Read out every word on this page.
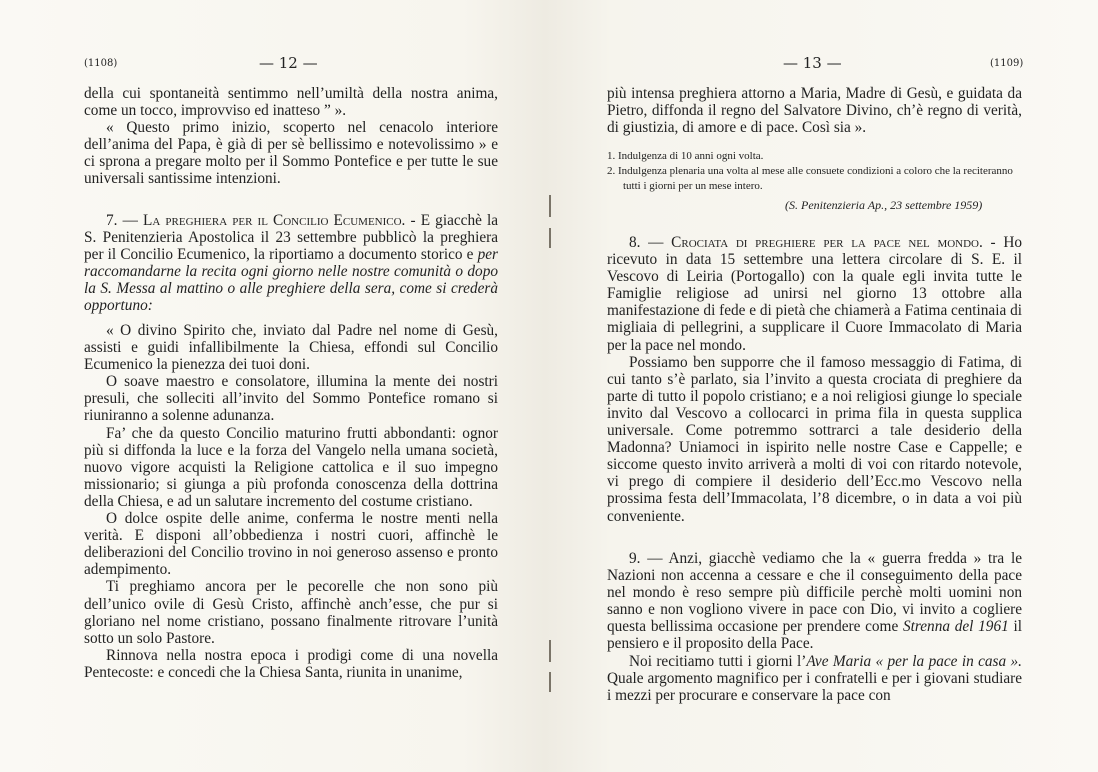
(1108)	— 12 —

della cui spontaneità sentimmo nell’umiltà della nostra anima, come un tocco, improvviso ed inatteso ” ».

« Questo primo inizio, scoperto nel cenacolo interiore dell’anima del Papa, è già di per sè bellissimo e notevolissimo » e ci sprona a pregare molto per il Sommo Pontefice e per tutte le sue universali santissime intenzioni.

7. — La preghiera per il Concilio Ecumenico. - E giacchè la S. Penitenzieria Apostolica il 23 settembre pubblicò la preghiera per il Concilio Ecumenico, la riportiamo a documento storico e per raccomandarne la recita ogni giorno nelle nostre comunità o dopo la S. Messa al mattino o alle preghiere della sera, come si crederà opportuno:

« O divino Spirito che, inviato dal Padre nel nome di Gesù, assisti e guidi infallibilmente la Chiesa, effondi sul Concilio Ecumenico la pienezza dei tuoi doni.

O soave maestro e consolatore, illumina la mente dei nostri presuli, che solleciti all’invito del Sommo Pontefice romano si riuniranno a solenne adunanza.

Fa’ che da questo Concilio maturino frutti abbondanti: ognor più si diffonda la luce e la forza del Vangelo nella umana società, nuovo vigore acquisti la Religione cattolica e il suo impegno missionario; si giunga a più profonda conoscenza della dottrina della Chiesa, e ad un salutare incremento del costume cristiano.

O dolce ospite delle anime, conferma le nostre menti nella verità. E disponi all’obbedienza i nostri cuori, affinchè le deliberazioni del Concilio trovino in noi generoso assenso e pronto adempimento.

Ti preghiamo ancora per le pecorelle che non sono più dell’unico ovile di Gesù Cristo, affinchè anch’esse, che pur si gloriano nel nome cristiano, possano finalmente ritrovare l’unità sotto un solo Pastore.

Rinnova nella nostra epoca i prodigi come di una novella Pentecoste: e concedi che la Chiesa Santa, riunita in unanime,

— 13 —	(1109)

più intensa preghiera attorno a Maria, Madre di Gesù, e guidata da Pietro, diffonda il regno del Salvatore Divino, ch’è regno di verità, di giustizia, di amore e di pace. Così sia ».

1. Indulgenza di 10 anni ogni volta.

2. Indulgenza plenaria una volta al mese alle consuete condizioni a coloro che la reciteranno tutti i giorni per un mese intero.

(S. Penitenzieria Ap., 23 settembre 1959)

8. — Crociata di preghiere per la pace nel mondo. - Ho ricevuto in data 15 settembre una lettera circolare di S. E. il Vescovo di Leiria (Portogallo) con la quale egli invita tutte le Famiglie religiose ad unirsi nel giorno 13 ottobre alla manifestazione di fede e di pietà che chiamerà a Fatima centinaia di migliaia di pellegrini, a supplicare il Cuore Immacolato di Maria per la pace nel mondo.

Possiamo ben supporre che il famoso messaggio di Fatima, di cui tanto s’è parlato, sia l’invito a questa crociata di preghiere da parte di tutto il popolo cristiano; e a noi religiosi giunge lo speciale invito dal Vescovo a collocarci in prima fila in questa supplica universale. Come potremmo sottrarci a tale desiderio della Madonna? Uniamoci in ispirito nelle nostre Case e Cappelle; e siccome questo invito arriverà a molti di voi con ritardo notevole, vi prego di compiere il desiderio dell’Ecc.mo Vescovo nella prossima festa dell’Immacolata, l’8 dicembre, o in data a voi più conveniente.

9. — Anzi, giacchè vediamo che la « guerra fredda » tra le Nazioni non accenna a cessare e che il conseguimento della pace nel mondo è reso sempre più difficile perchè molti uomini non sanno e non vogliono vivere in pace con Dio, vi invito a cogliere questa bellissima occasione per prendere come Strenna del 1961 il pensiero e il proposito della Pace.

Noi recitiamo tutti i giorni l’Ave Maria « per la pace in casa ». Quale argomento magnifico per i confratelli e per i giovani studiare i mezzi per procurare e conservare la pace con
